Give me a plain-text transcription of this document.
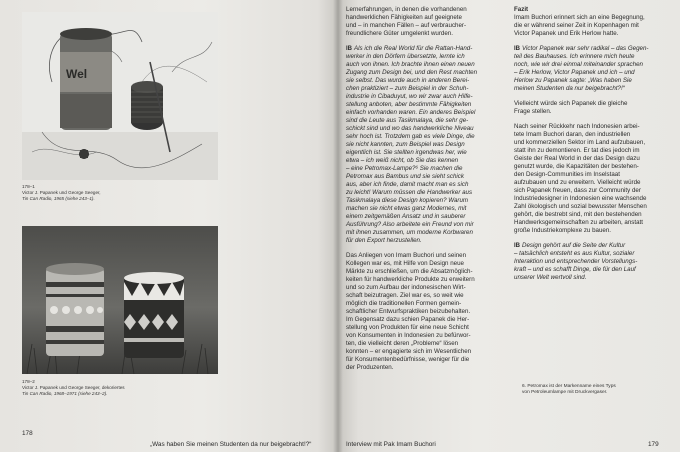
Wel
178–1
Victor J. Papanek und George Seeger,
Tin Can Radio, 1965 (siehe 243–1).
178–2
Victor J. Papanek und George Seeger, dekoriertes
Tin Can Radio, 1968–1971 (siehe 243–2).

Lernerfahrungen, in denen die vorhandenen

handwerklichen Fähigkeiten auf geeignete

und – in manchen Fällen – auf verbraucher-

freundlichere Güter umgelenkt wurden.

IB Als ich die Real World für die Rattan-Hand-

werker in den Dörfern übersetzte, lernte ich

auch von ihnen. Ich brachte ihnen einen neuen

Zugang zum Design bei, und den Rest machten

sie selbst. Das wurde auch in anderen Berei-

chen praktiziert – zum Beispiel in der Schuh-

industrie in Cibaduyut, wo wir zwar auch Hilfe-

stellung anboten, aber bestimmte Fähigkeiten

einfach vorhanden waren. Ein anderes Beispiel

sind die Leute aus Tasikmalaya, die sehr ge-

schickt sind und wo das handwerkliche Niveau

sehr hoch ist. Trotzdem gab es viele Dinge, die

sie nicht kannten, zum Beispiel was Design

eigentlich ist. Sie stellten irgendwas her, wie

etwa – ich weiß nicht, ob Sie das kennen

– eine Petromax-Lampe?⁶ Sie machen die

Petromax aus Bambus und sie sieht schick

aus, aber ich finde, damit macht man es sich

zu leicht! Warum müssen die Handwerker aus

Tasikmalaya diese Design kopieren? Warum

machen sie nicht etwas ganz Modernes, mit

einem zeitgemäßen Ansatz und in sauberer

Ausführung? Also arbeitete ein Freund von mir

mit ihnen zusammen, um moderne Korbwaren

für den Export herzustellen.

Das Anliegen von Imam Buchori und seinen

Kollegen war es, mit Hilfe von Design neue

Märkte zu erschließen, um die Absatzmöglich-

keiten für handwerkliche Produkte zu erweitern

und so zum Aufbau der indonesischen Wirt-

schaft beizutragen. Ziel war es, so weit wie

möglich die traditionellen Formen gemein-

schaftlicher Entwurfspraktiken beizubehalten.

Im Gegensatz dazu schien Papanek die Her-

stellung von Produkten für eine neue Schicht

von Konsumenten in Indonesien zu befürwor-

ten, die vielleicht deren „Probleme“ lösen

konnten – er engagierte sich im Wesentlichen

für Konsumentenbedürfnisse, weniger für die

der Produzenten.

Fazit

Imam Buchori erinnert sich an eine Begegnung,

die er während seiner Zeit in Kopenhagen mit

Victor Papanek und Erik Herlow hatte.

IB Victor Papanek war sehr radikal – das Gegen-

teil des Bauhauses. Ich erinnere mich heute

noch, wie wir drei einmal miteinander sprachen

– Erik Herlow, Victor Papanek und ich – und

Herlow zu Papanek sagte: „Was haben Sie

meinen Studenten da nur beigebracht?!“

Vielleicht würde sich Papanek die gleiche

Frage stellen.

Nach seiner Rückkehr nach Indonesien arbei-

tete Imam Buchori daran, den industriellen

und kommerziellen Sektor im Land aufzubauen,

statt ihn zu demontieren. Er tat dies jedoch im

Geiste der Real World in der das Design dazu

genutzt wurde, die Kapazitäten der bestehen-

den Design-Communities im Inselstaat

aufzubauen und zu erweitern. Vielleicht würde

sich Papanek freuen, dass zur Community der

Industriedesigner in Indonesien eine wachsende

Zahl ökologisch und sozial bewusster Menschen

gehört, die bestrebt sind, mit den bestehenden

Handwerksgemeinschaften zu arbeiten, anstatt

große Industriekomplexe zu bauen.

IB Design gehört auf die Seite der Kultur

– tatsächlich entsteht es aus Kultur, sozialer

Interaktion und entsprechender Vorstellungs-

kraft – und es schafft Dinge, die für den Lauf

unserer Welt wertvoll sind.

6. Petromax ist der Markenname eines Typs
von Petroleumlampe mit Druckvergaser.
178
„Was haben Sie meinen Studenten da nur beigebracht!?“	Interview mit Pak Imam Buchori	179
